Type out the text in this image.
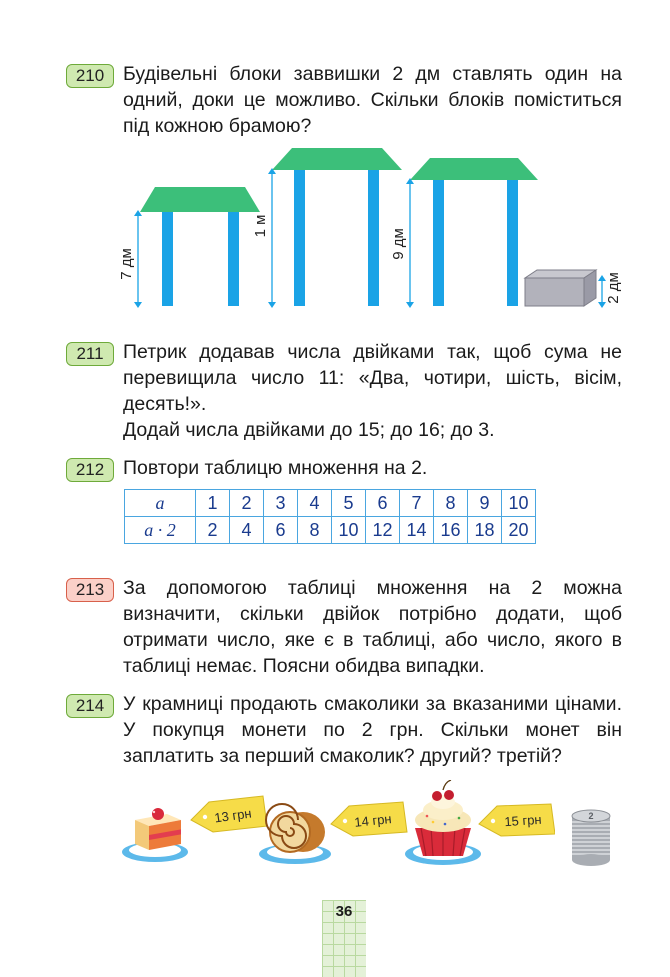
210 Будівельні блоки заввишки 2 дм ставлять один на одний, доки це можливо. Скільки блоків поміститься під кожною брамою?

7 дм
1 м
9 дм
2 дм
211 Петрик додавав числа двійками так, щоб сума не перевищила число 11: «Два, чотири, шість, вісім, десять!».

Додай числа двійками до 15; до 16; до 3.

212 Повтори таблицю множення на 2.

a	1	2	3	4	5	6	7	8	9	10
a · 2	2	4	6	8	10	12	14	16	18	20
213 За допомогою таблиці множення на 2 можна визначити, скільки двійок потрібно додати, щоб отримати число, яке є в таблиці, або число, якого в таблиці немає. Поясни обидва випадки.

214 У крамниці продають смаколики за вказаними цінами. У покупця монети по 2 грн. Скільки монет він заплатить за перший смаколик? другий? третій?

13 грн	14 грн	15 грн	2
36
